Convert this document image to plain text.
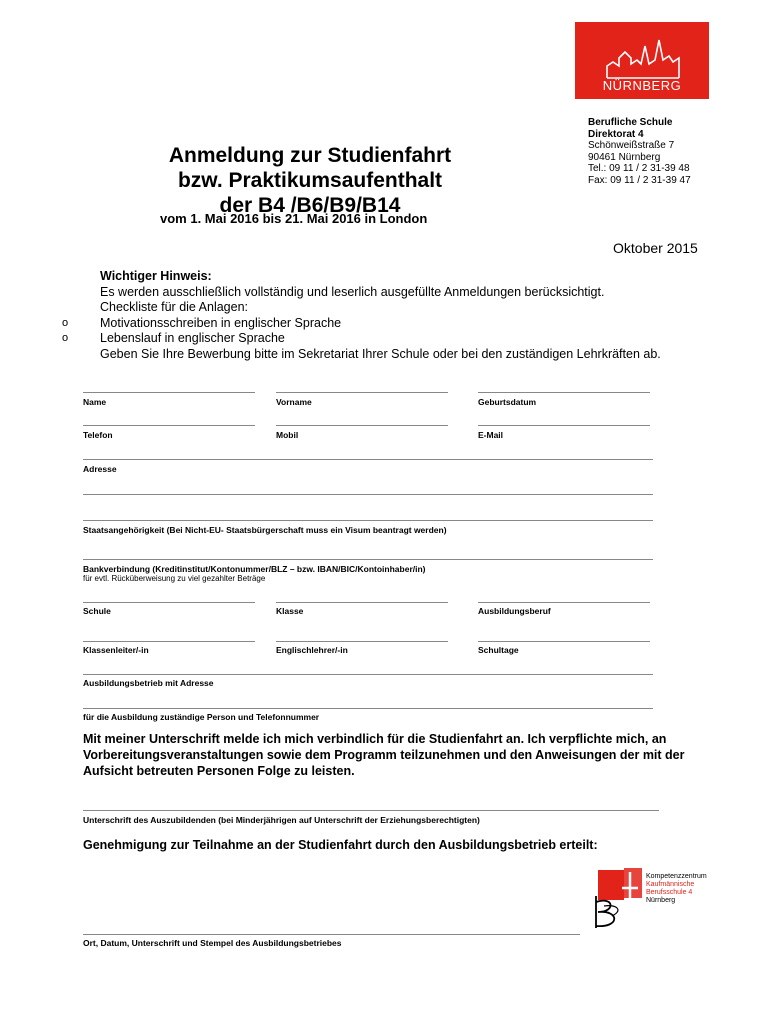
NÜRNBERG
Berufliche Schule
Direktorat 4
Schönweißstraße 7
90461 Nürnberg
Tel.: 09 11 / 2 31-39 48
Fax: 09 11 / 2 31-39 47
Anmeldung zur Studienfahrt
bzw. Praktikumsaufenthalt
der B4 /B6/B9/B14
vom 1. Mai 2016 bis 21. Mai 2016 in London
Oktober 2015
Wichtiger Hinweis:
Es werden ausschließlich vollständig und leserlich ausgefüllte Anmeldungen berücksichtigt.
Checkliste für die Anlagen:
o Motivationsschreiben in englischer Sprache
o Lebenslauf in englischer Sprache
Geben Sie Ihre Bewerbung bitte im Sekretariat Ihrer Schule oder bei den zuständigen Lehrkräften ab.
Name	Vorname	Geburtsdatum
Telefon	Mobil	E-Mail
Adresse
Staatsangehörigkeit (Bei Nicht-EU- Staatsbürgerschaft muss ein Visum beantragt werden)
Bankverbindung (Kreditinstitut/Kontonummer/BLZ – bzw. IBAN/BIC/Kontoinhaber/in)
für evtl. Rücküberweisung zu viel gezahlter Beträge
Schule	Klasse	Ausbildungsberuf
Klassenleiter/-in	Englischlehrer/-in	Schultage
Ausbildungsbetrieb mit Adresse
für die Ausbildung zuständige Person und Telefonnummer
Mit meiner Unterschrift melde ich mich verbindlich für die Studienfahrt an. Ich verpflichte mich, an Vorbereitungsveranstaltungen sowie dem Programm teilzunehmen und den Anweisungen der mit der Aufsicht betreuten Personen Folge zu leisten.
Unterschrift des Auszubildenden (bei Minderjährigen auf Unterschrift der Erziehungsberechtigten)
Genehmigung zur Teilnahme an der Studienfahrt durch den Ausbildungsbetrieb erteilt:
Kompetenzzentrum
Kaufmännische
Berufsschule 4
Nürnberg
Ort, Datum, Unterschrift und Stempel des Ausbildungsbetriebes
